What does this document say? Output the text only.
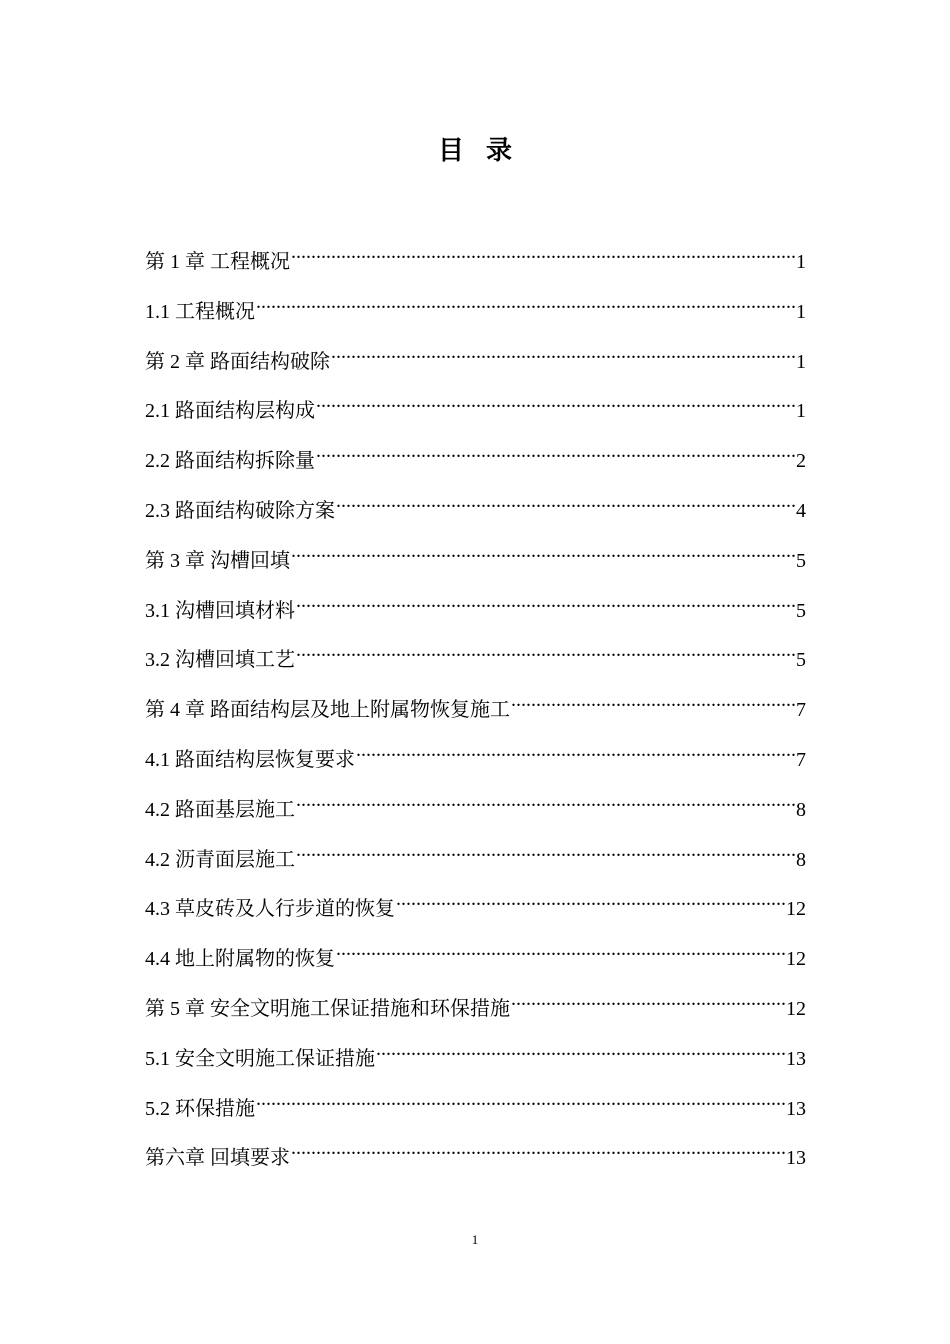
目录
第 1 章 工程概况 .....	1
1.1 工程概况 .....	1
第 2 章 路面结构破除 .....	1
2.1 路面结构层构成 .....	1
2.2 路面结构拆除量 .....	2
2.3 路面结构破除方案 .....	4
第 3 章 沟槽回填 .....	5
3.1 沟槽回填材料 .....	5
3.2 沟槽回填工艺 .....	5
第 4 章 路面结构层及地上附属物恢复施工 .....	7
4.1 路面结构层恢复要求 .....	7
4.2 路面基层施工 .....	8
4.2 沥青面层施工 .....	8
4.3 草皮砖及人行步道的恢复 .....	12
4.4 地上附属物的恢复 .....	12
第 5 章 安全文明施工保证措施和环保措施 .....	12
5.1 安全文明施工保证措施 .....	13
5.2 环保措施 .....	13
第六章 回填要求 .....	13
1
